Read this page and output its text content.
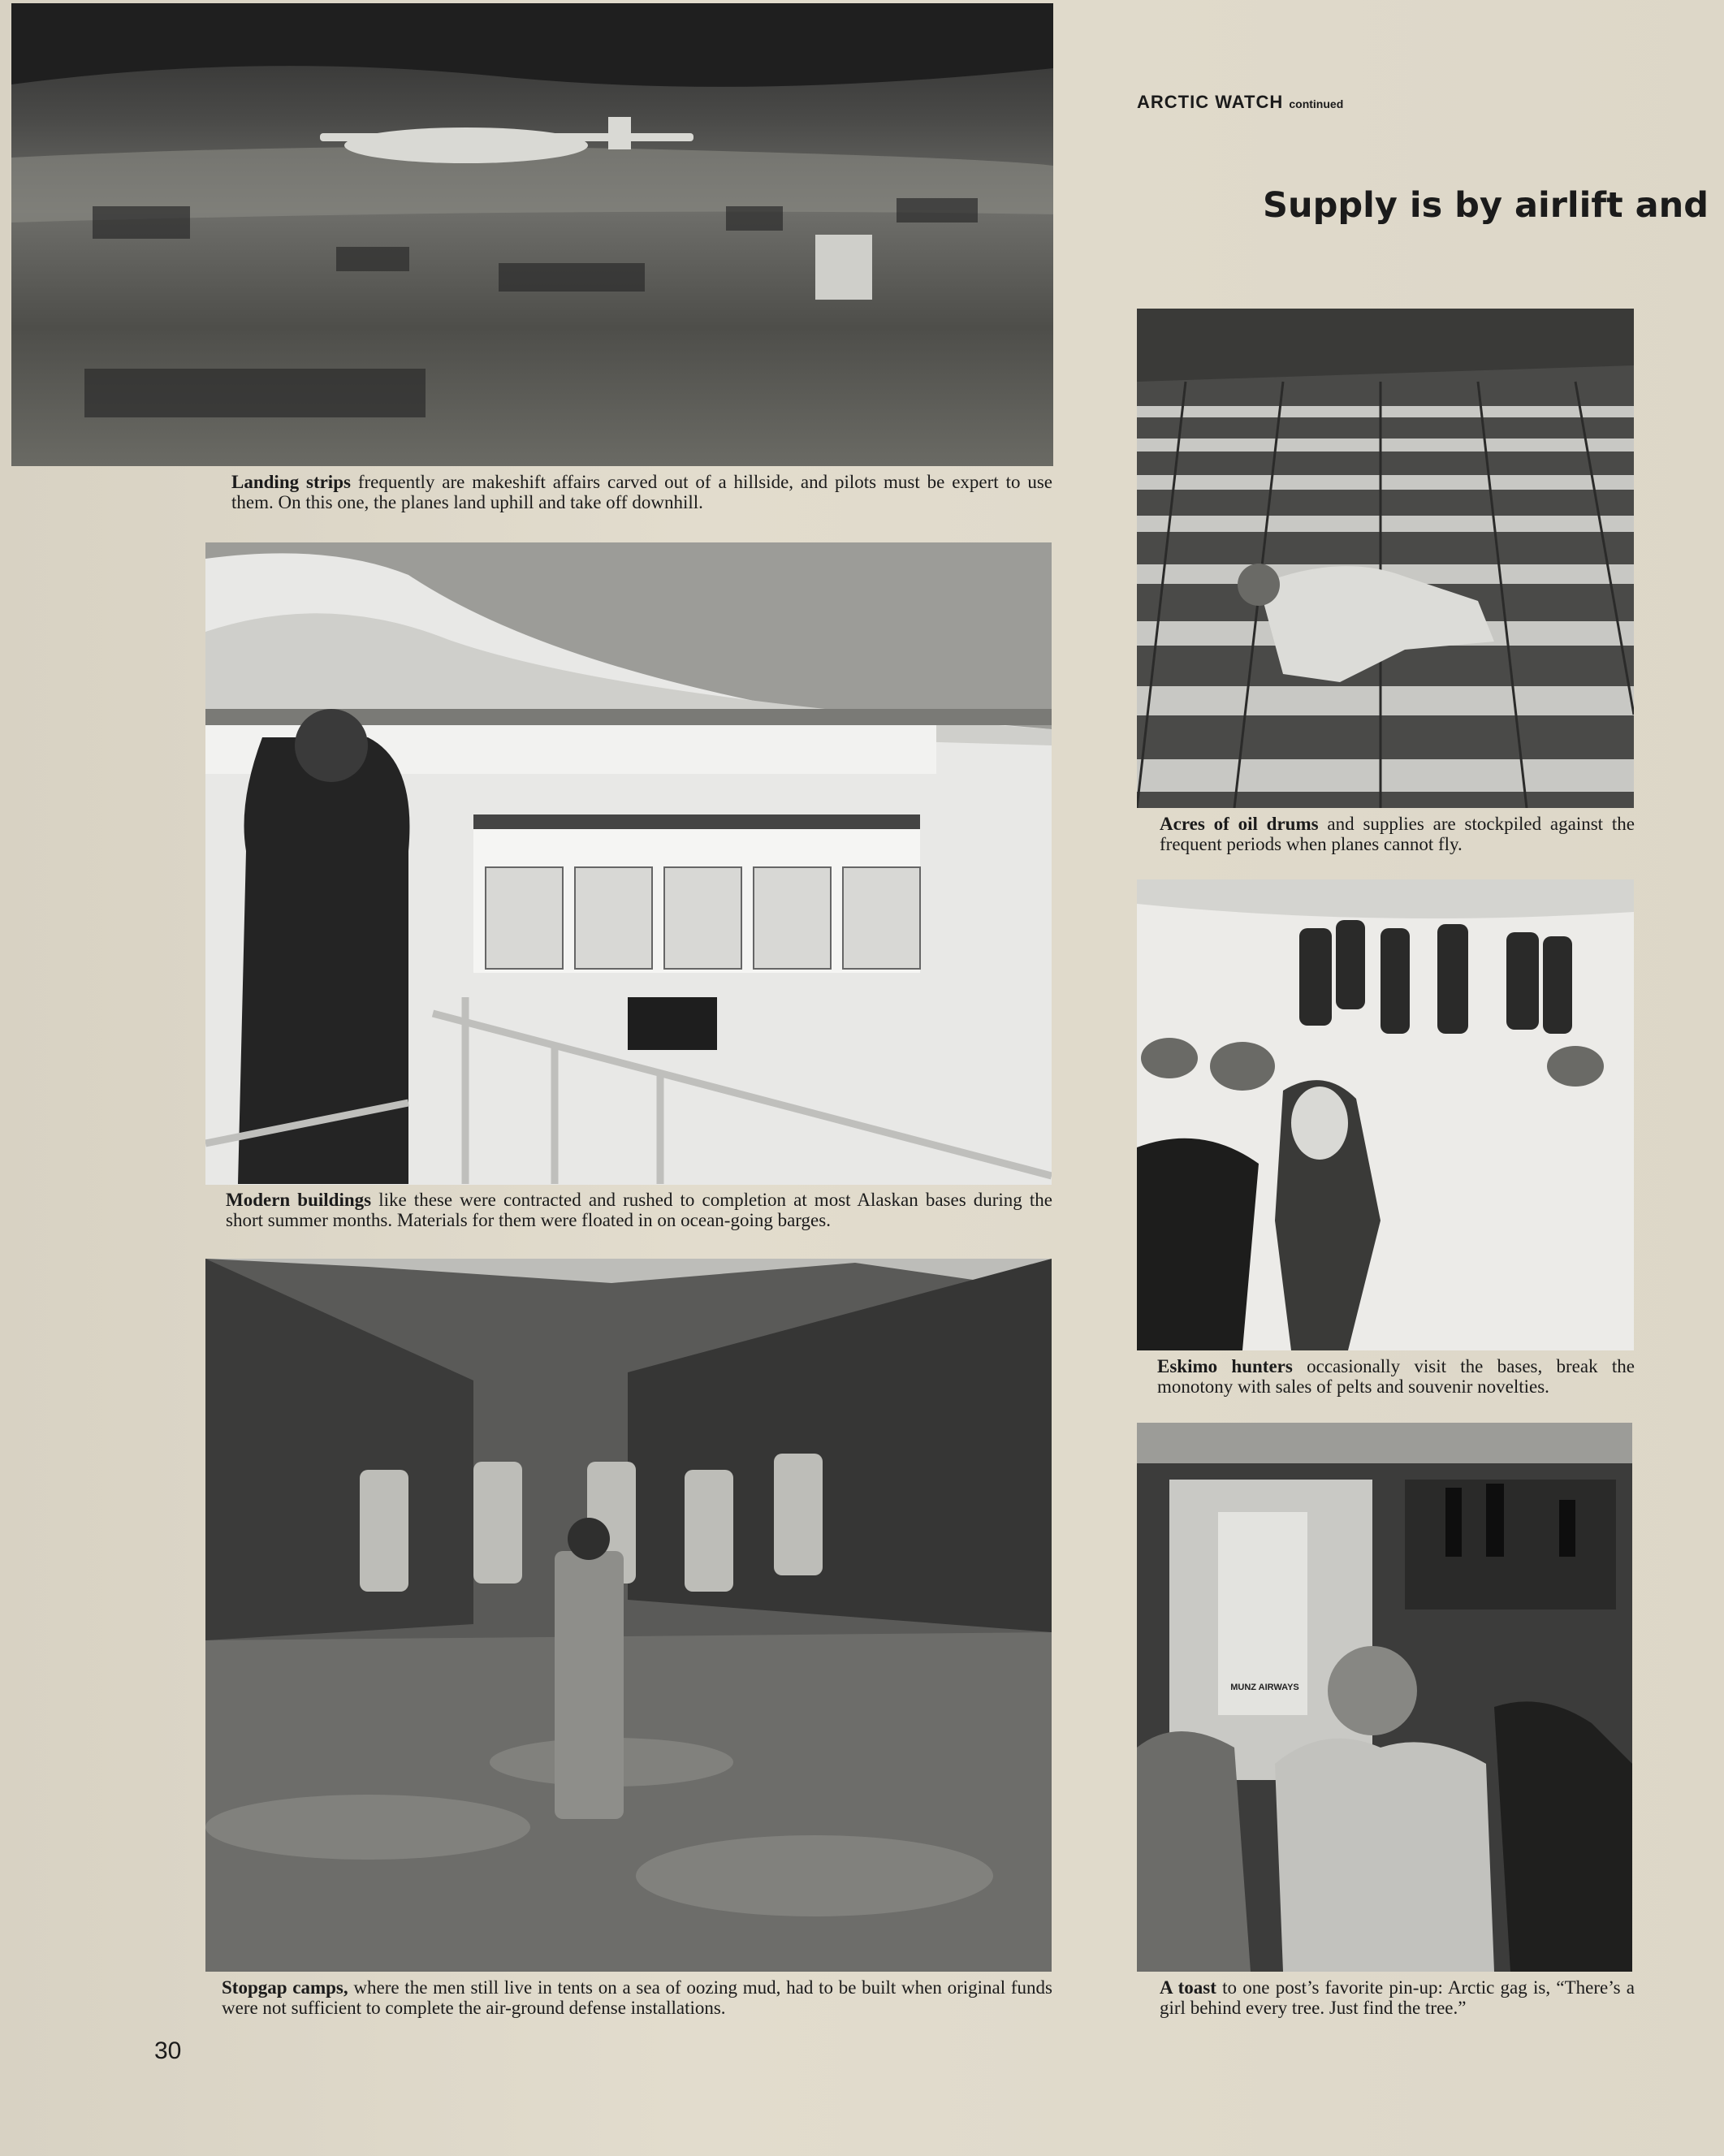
ARCTIC WATCH continued
Supply is by airlift and
Landing strips frequently are makeshift affairs carved out of a hillside, and pilots must be expert to use them. On this one, the planes land uphill and take off downhill.
Modern buildings like these were contracted and rushed to completion at most Alaskan bases during the short summer months. Materials for them were floated in on ocean-going barges.
Stopgap camps, where the men still live in tents on a sea of oozing mud, had to be built when original funds were not sufficient to complete the air-ground defense installations.
Acres of oil drums and supplies are stockpiled against the frequent periods when planes cannot fly.
Eskimo hunters occasionally visit the bases, break the monotony with sales of pelts and souvenir novelties.
MUNZ AIRWAYS
A toast to one post’s favorite pin-up: Arctic gag is, “There’s a girl behind every tree. Just find the tree.”
30
